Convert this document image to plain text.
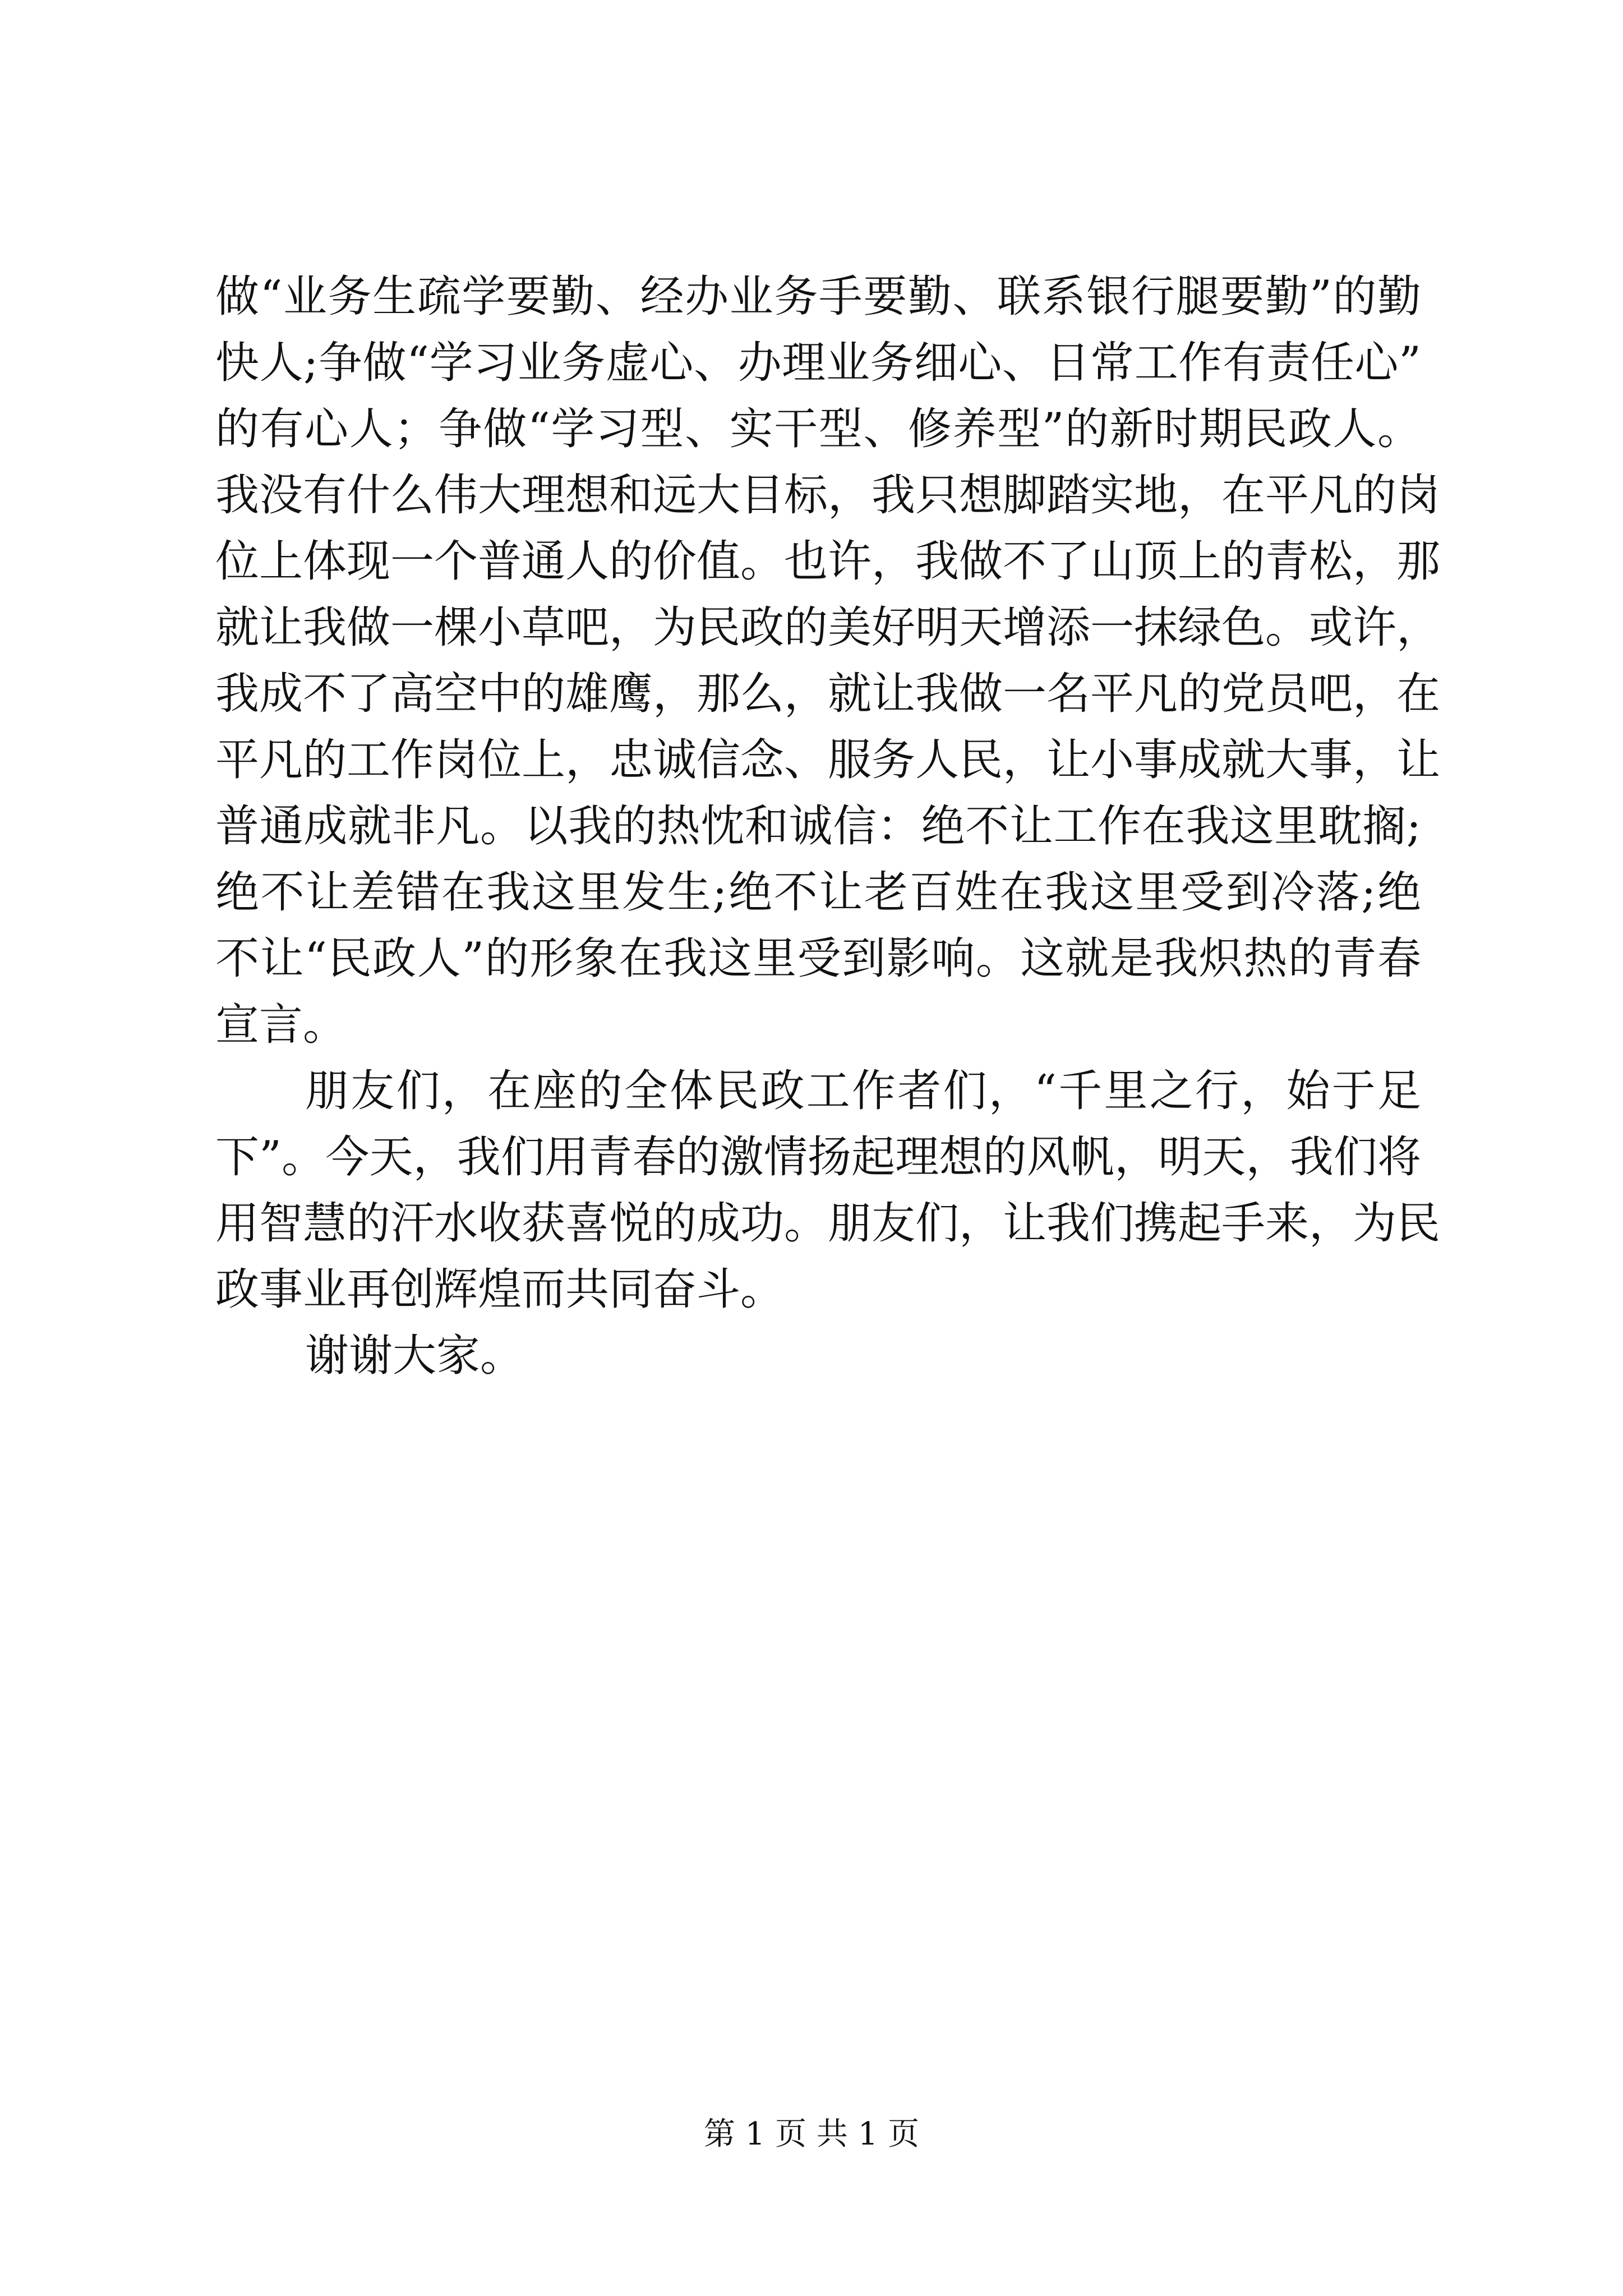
做“业务生疏学要勤、经办业务手要勤、联系银行腿要勤”的勤
快人;争做“学习业务虚心、办理业务细心、日常工作有责任心”
的有心人；争做“学习型、实干型、修养型”的新时期民政人。
我没有什么伟大理想和远大目标，我只想脚踏实地，在平凡的岗
位上体现一个普通人的价值。也许，我做不了山顶上的青松，那
就让我做一棵小草吧，为民政的美好明天增添一抹绿色。或许，
我成不了高空中的雄鹰，那么，就让我做一名平凡的党员吧，在
平凡的工作岗位上，忠诚信念、服务人民，让小事成就大事，让
普通成就非凡。以我的热忱和诚信：绝不让工作在我这里耽搁;
绝不让差错在我这里发生;绝不让老百姓在我这里受到冷落;绝
不让“民政人”的形象在我这里受到影响。这就是我炽热的青春
宣言。
朋友们，在座的全体民政工作者们，“千里之行，始于足
下”。今天，我们用青春的激情扬起理想的风帆，明天，我们将
用智慧的汗水收获喜悦的成功。朋友们，让我们携起手来，为民
政事业再创辉煌而共同奋斗。
谢谢大家。
第 1 页 共 1 页
